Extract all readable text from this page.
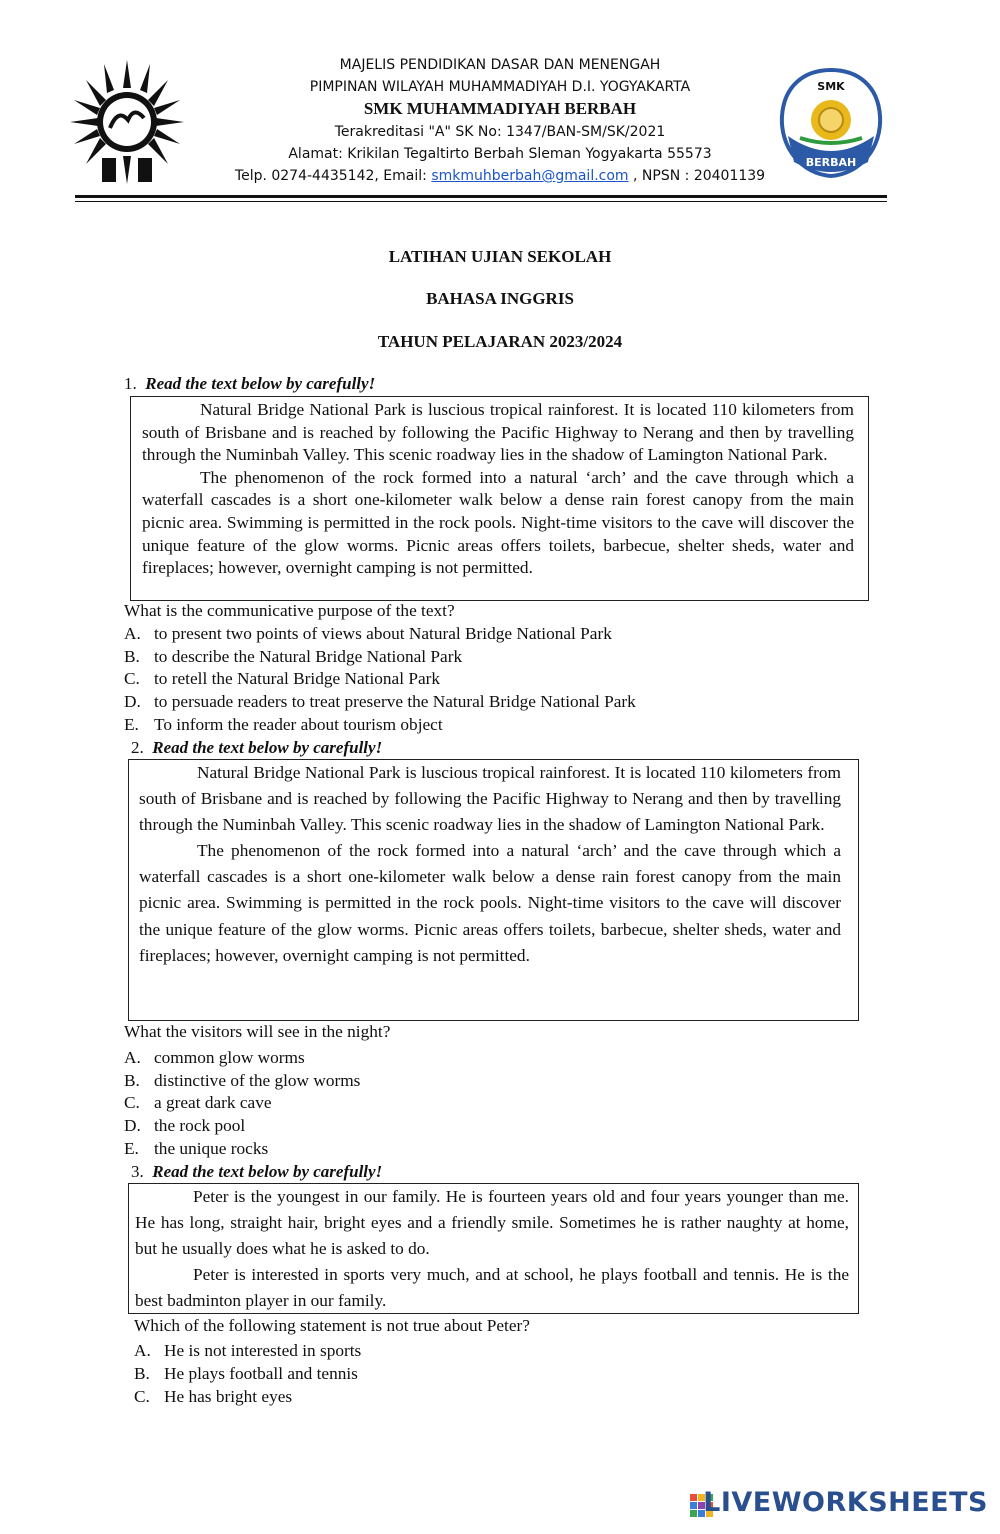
SMK
BERBAH
MAJELIS PENDIDIKAN DASAR DAN MENENGAH
PIMPINAN WILAYAH MUHAMMADIYAH D.I. YOGYAKARTA
SMK MUHAMMADIYAH BERBAH
Terakreditasi "A" SK No: 1347/BAN-SM/SK/2021
Alamat: Krikilan Tegaltirto Berbah Sleman Yogyakarta 55573
Telp. 0274-4435142, Email: smkmuhberbah@gmail.com , NPSN : 20401139
LATIHAN UJIAN SEKOLAH
BAHASA INGGRIS
TAHUN PELAJARAN 2023/2024
1. Read the text below by carefully!

Natural Bridge National Park is luscious tropical rainforest. It is located 110 kilometers from south of Brisbane and is reached by following the Pacific Highway to Nerang and then by travelling through the Numinbah Valley. This scenic roadway lies in the shadow of Lamington National Park.

The phenomenon of the rock formed into a natural ‘arch’ and the cave through which a waterfall cascades is a short one-kilometer walk below a dense rain forest canopy from the main picnic area. Swimming is permitted in the rock pools. Night-time visitors to the cave will discover the unique feature of the glow worms. Picnic areas offers toilets, barbecue, shelter sheds, water and fireplaces; however, overnight camping is not permitted.

What is the communicative purpose of the text?
A. to present two points of views about Natural Bridge National Park
B. to describe the Natural Bridge National Park
C. to retell the Natural Bridge National Park
D. to persuade readers to treat preserve the Natural Bridge National Park
E. To inform the reader about tourism object
2. Read the text below by carefully!

Natural Bridge National Park is luscious tropical rainforest. It is located 110 kilometers from south of Brisbane and is reached by following the Pacific Highway to Nerang and then by travelling through the Numinbah Valley. This scenic roadway lies in the shadow of Lamington National Park.

The phenomenon of the rock formed into a natural ‘arch’ and the cave through which a waterfall cascades is a short one-kilometer walk below a dense rain forest canopy from the main picnic area. Swimming is permitted in the rock pools. Night-time visitors to the cave will discover the unique feature of the glow worms. Picnic areas offers toilets, barbecue, shelter sheds, water and fireplaces; however, overnight camping is not permitted.

What the visitors will see in the night?
A. common glow worms
B. distinctive of the glow worms
C. a great dark cave
D. the rock pool
E. the unique rocks
3. Read the text below by carefully!

Peter is the youngest in our family. He is fourteen years old and four years younger than me. He has long, straight hair, bright eyes and a friendly smile. Sometimes he is rather naughty at home, but he usually does what he is asked to do.

Peter is interested in sports very much, and at school, he plays football and tennis. He is the best badminton player in our family.

Which of the following statement is not true about Peter?
A. He is not interested in sports
B. He plays football and tennis
C. He has bright eyes
LIVEWORKSHEETS
